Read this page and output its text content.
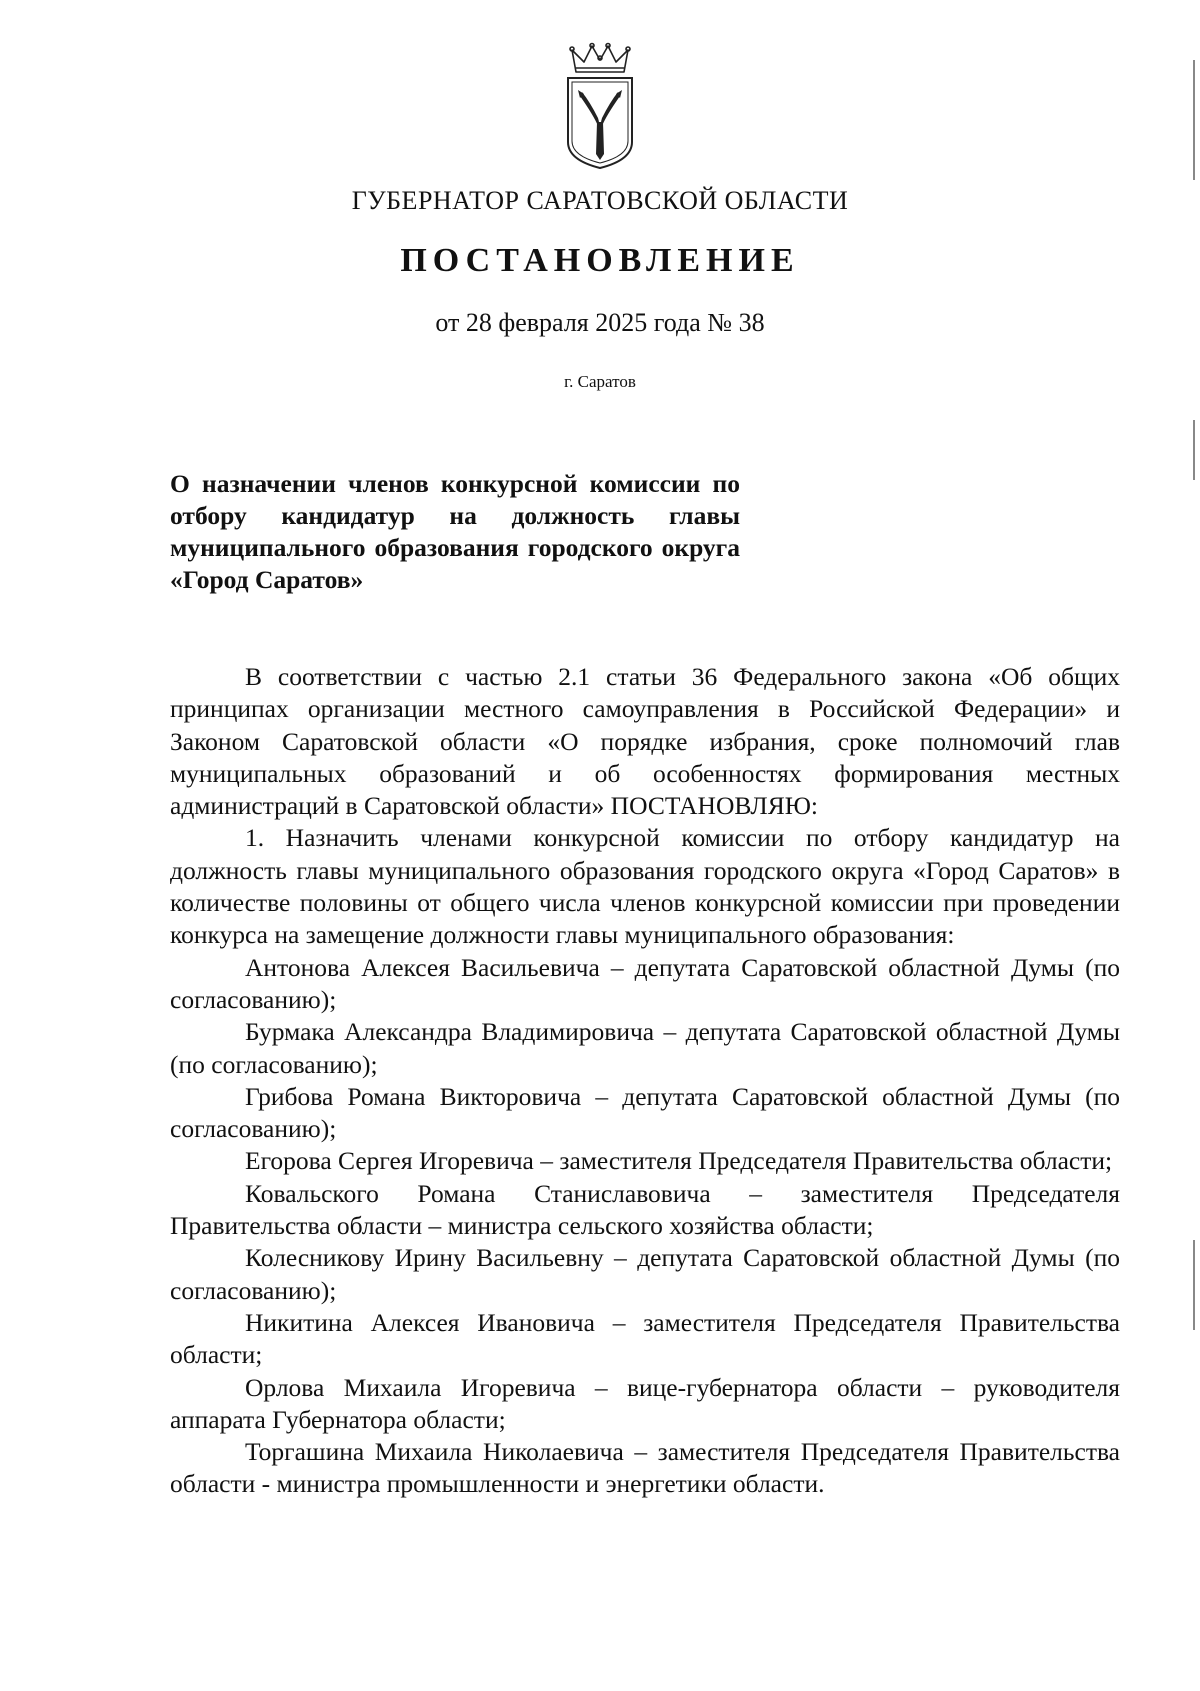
ГУБЕРНАТОР САРАТОВСКОЙ ОБЛАСТИ
ПОСТАНОВЛЕНИЕ
от 28 февраля 2025 года № 38
г. Саратов
О назначении членов конкурсной комиссии по отбору кандидатур на должность главы муниципального образования городского округа «Город Саратов»

В соответствии с частью 2.1 статьи 36 Федерального закона «Об общих принципах организации местного самоуправления в Российской Федерации» и Законом Саратовской области «О порядке избрания, сроке полномочий глав муниципальных образований и об особенностях формирования местных администраций в Саратовской области» ПОСТАНОВЛЯЮ:

1. Назначить членами конкурсной комиссии по отбору кандидатур на должность главы муниципального образования городского округа «Город Саратов» в количестве половины от общего числа членов конкурсной комиссии при проведении конкурса на замещение должности главы муниципального образования:

Антонова Алексея Васильевича – депутата Саратовской областной Думы (по согласованию);

Бурмака Александра Владимировича – депутата Саратовской областной Думы (по согласованию);

Грибова Романа Викторовича – депутата Саратовской областной Думы (по согласованию);

Егорова Сергея Игоревича – заместителя Председателя Правительства области;

Ковальского Романа Станиславовича – заместителя Председателя Правительства области – министра сельского хозяйства области;

Колесникову Ирину Васильевну – депутата Саратовской областной Думы (по согласованию);

Никитина Алексея Ивановича – заместителя Председателя Правительства области;

Орлова Михаила Игоревича – вице-губернатора области – руководителя аппарата Губернатора области;

Торгашина Михаила Николаевича – заместителя Председателя Правительства области - министра промышленности и энергетики области.
